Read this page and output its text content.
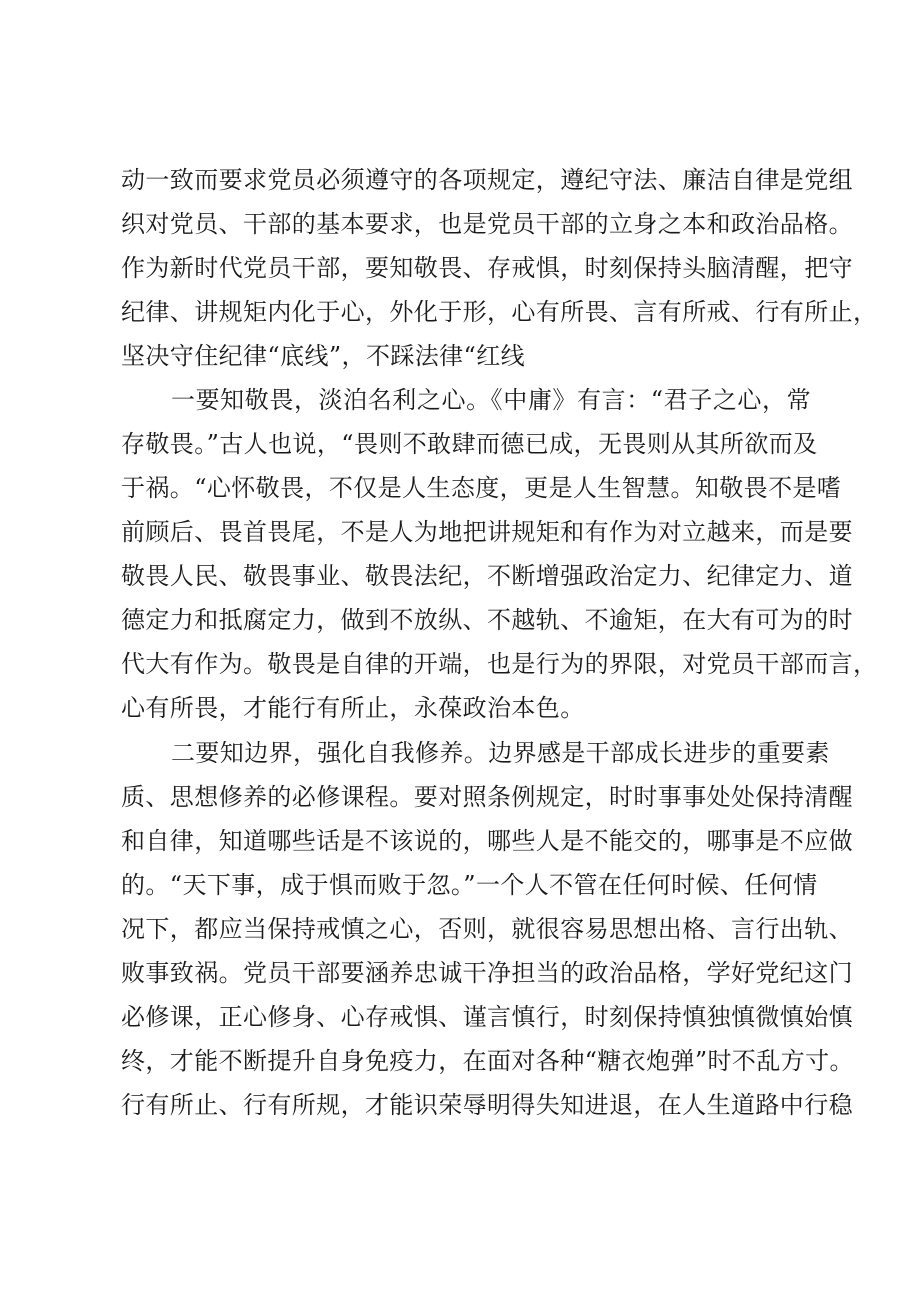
动一致而要求党员必须遵守的各项规定，遵纪守法、廉洁自律是党组
织对党员、干部的基本要求，也是党员干部的立身之本和政治品格。
作为新时代党员干部，要知敬畏、存戒惧，时刻保持头脑清醒，把守
纪律、讲规矩内化于心，外化于形，心有所畏、言有所戒、行有所止，
坚决守住纪律“底线”，不踩法律“红线
一要知敬畏，淡泊名利之心。《中庸》有言：“君子之心，常
存敬畏。”古人也说，“畏则不敢肆而德已成，无畏则从其所欲而及
于祸。“心怀敬畏，不仅是人生态度，更是人生智慧。知敬畏不是嗜
前顾后、畏首畏尾，不是人为地把讲规矩和有作为对立越来，而是要
敬畏人民、敬畏事业、敬畏法纪，不断增强政治定力、纪律定力、道
德定力和抵腐定力，做到不放纵、不越轨、不逾矩，在大有可为的时
代大有作为。敬畏是自律的开端，也是行为的界限，对党员干部而言，
心有所畏，才能行有所止，永葆政治本色。
二要知边界，强化自我修养。边界感是干部成长进步的重要素
质、思想修养的必修课程。要对照条例规定，时时事事处处保持清醒
和自律，知道哪些话是不该说的，哪些人是不能交的，哪事是不应做
的。“天下事，成于惧而败于忽。”一个人不管在任何时候、任何情
况下，都应当保持戒慎之心，否则，就很容易思想出格、言行出轨、
败事致祸。党员干部要涵养忠诚干净担当的政治品格，学好党纪这门
必修课，正心修身、心存戒惧、谨言慎行，时刻保持慎独慎微慎始慎
终，才能不断提升自身免疫力，在面对各种“糖衣炮弹”时不乱方寸。
行有所止、行有所规，才能识荣辱明得失知进退，在人生道路中行稳
